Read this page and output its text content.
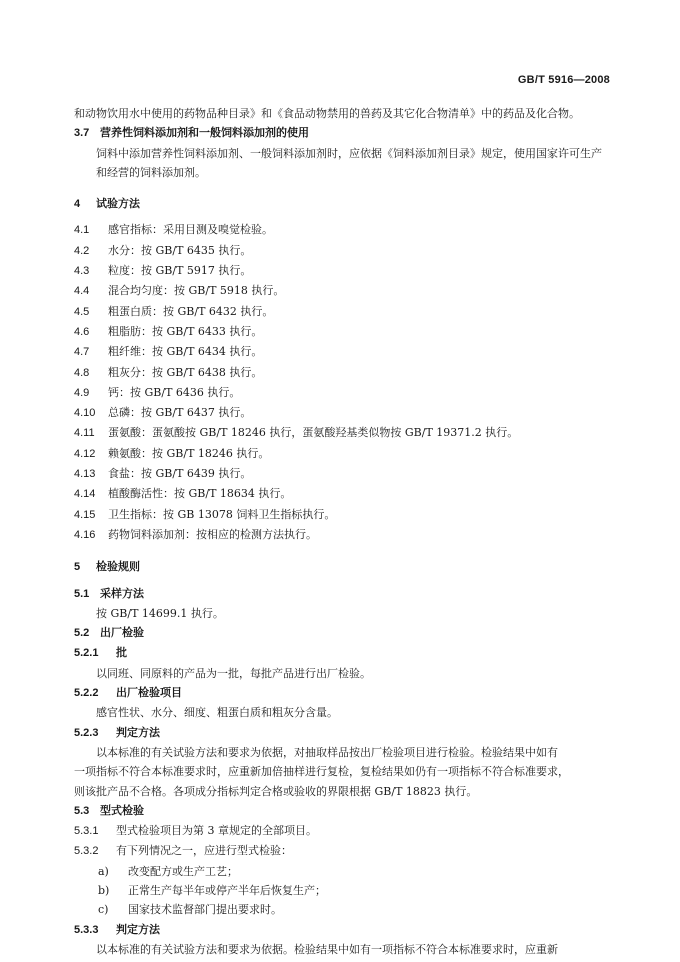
GB/T 5916—2008
和动物饮用水中使用的药物品种目录》和《食品动物禁用的兽药及其它化合物清单》中的药品及化合物。
3.7 营养性饲料添加剂和一般饲料添加剂的使用
饲料中添加营养性饲料添加剂、一般饲料添加剂时，应依据《饲料添加剂目录》规定，使用国家许可生产和经营的饲料添加剂。
4 试验方法
4.1 感官指标：采用目测及嗅觉检验。
4.2 水分：按 GB/T 6435 执行。
4.3 粒度：按 GB/T 5917 执行。
4.4 混合均匀度：按 GB/T 5918 执行。
4.5 粗蛋白质：按 GB/T 6432 执行。
4.6 粗脂肪：按 GB/T 6433 执行。
4.7 粗纤维：按 GB/T 6434 执行。
4.8 粗灰分：按 GB/T 6438 执行。
4.9 钙：按 GB/T 6436 执行。
4.10 总磷：按 GB/T 6437 执行。
4.11 蛋氨酸：蛋氨酸按 GB/T 18246 执行，蛋氨酸羟基类似物按 GB/T 19371.2 执行。
4.12 赖氨酸：按 GB/T 18246 执行。
4.13 食盐：按 GB/T 6439 执行。
4.14 植酸酶活性：按 GB/T 18634 执行。
4.15 卫生指标：按 GB 13078 饲料卫生指标执行。
4.16 药物饲料添加剂：按相应的检测方法执行。
5 检验规则
5.1 采样方法
按 GB/T 14699.1 执行。
5.2 出厂检验
5.2.1 批
以同班、同原料的产品为一批，每批产品进行出厂检验。
5.2.2 出厂检验项目
感官性状、水分、细度、粗蛋白质和粗灰分含量。
5.2.3 判定方法
以本标准的有关试验方法和要求为依据，对抽取样品按出厂检验项目进行检验。检验结果中如有
一项指标不符合本标准要求时，应重新加倍抽样进行复检，复检结果如仍有一项指标不符合标准要求，
则该批产品不合格。各项成分指标判定合格或验收的界限根据 GB/T 18823 执行。
5.3 型式检验
5.3.1 型式检验项目为第 3 章规定的全部项目。
5.3.2 有下列情况之一，应进行型式检验：
a) 改变配方或生产工艺；
b) 正常生产每半年或停产半年后恢复生产；
c) 国家技术监督部门提出要求时。
5.3.3 判定方法
以本标准的有关试验方法和要求为依据。检验结果中如有一项指标不符合本标准要求时，应重新
